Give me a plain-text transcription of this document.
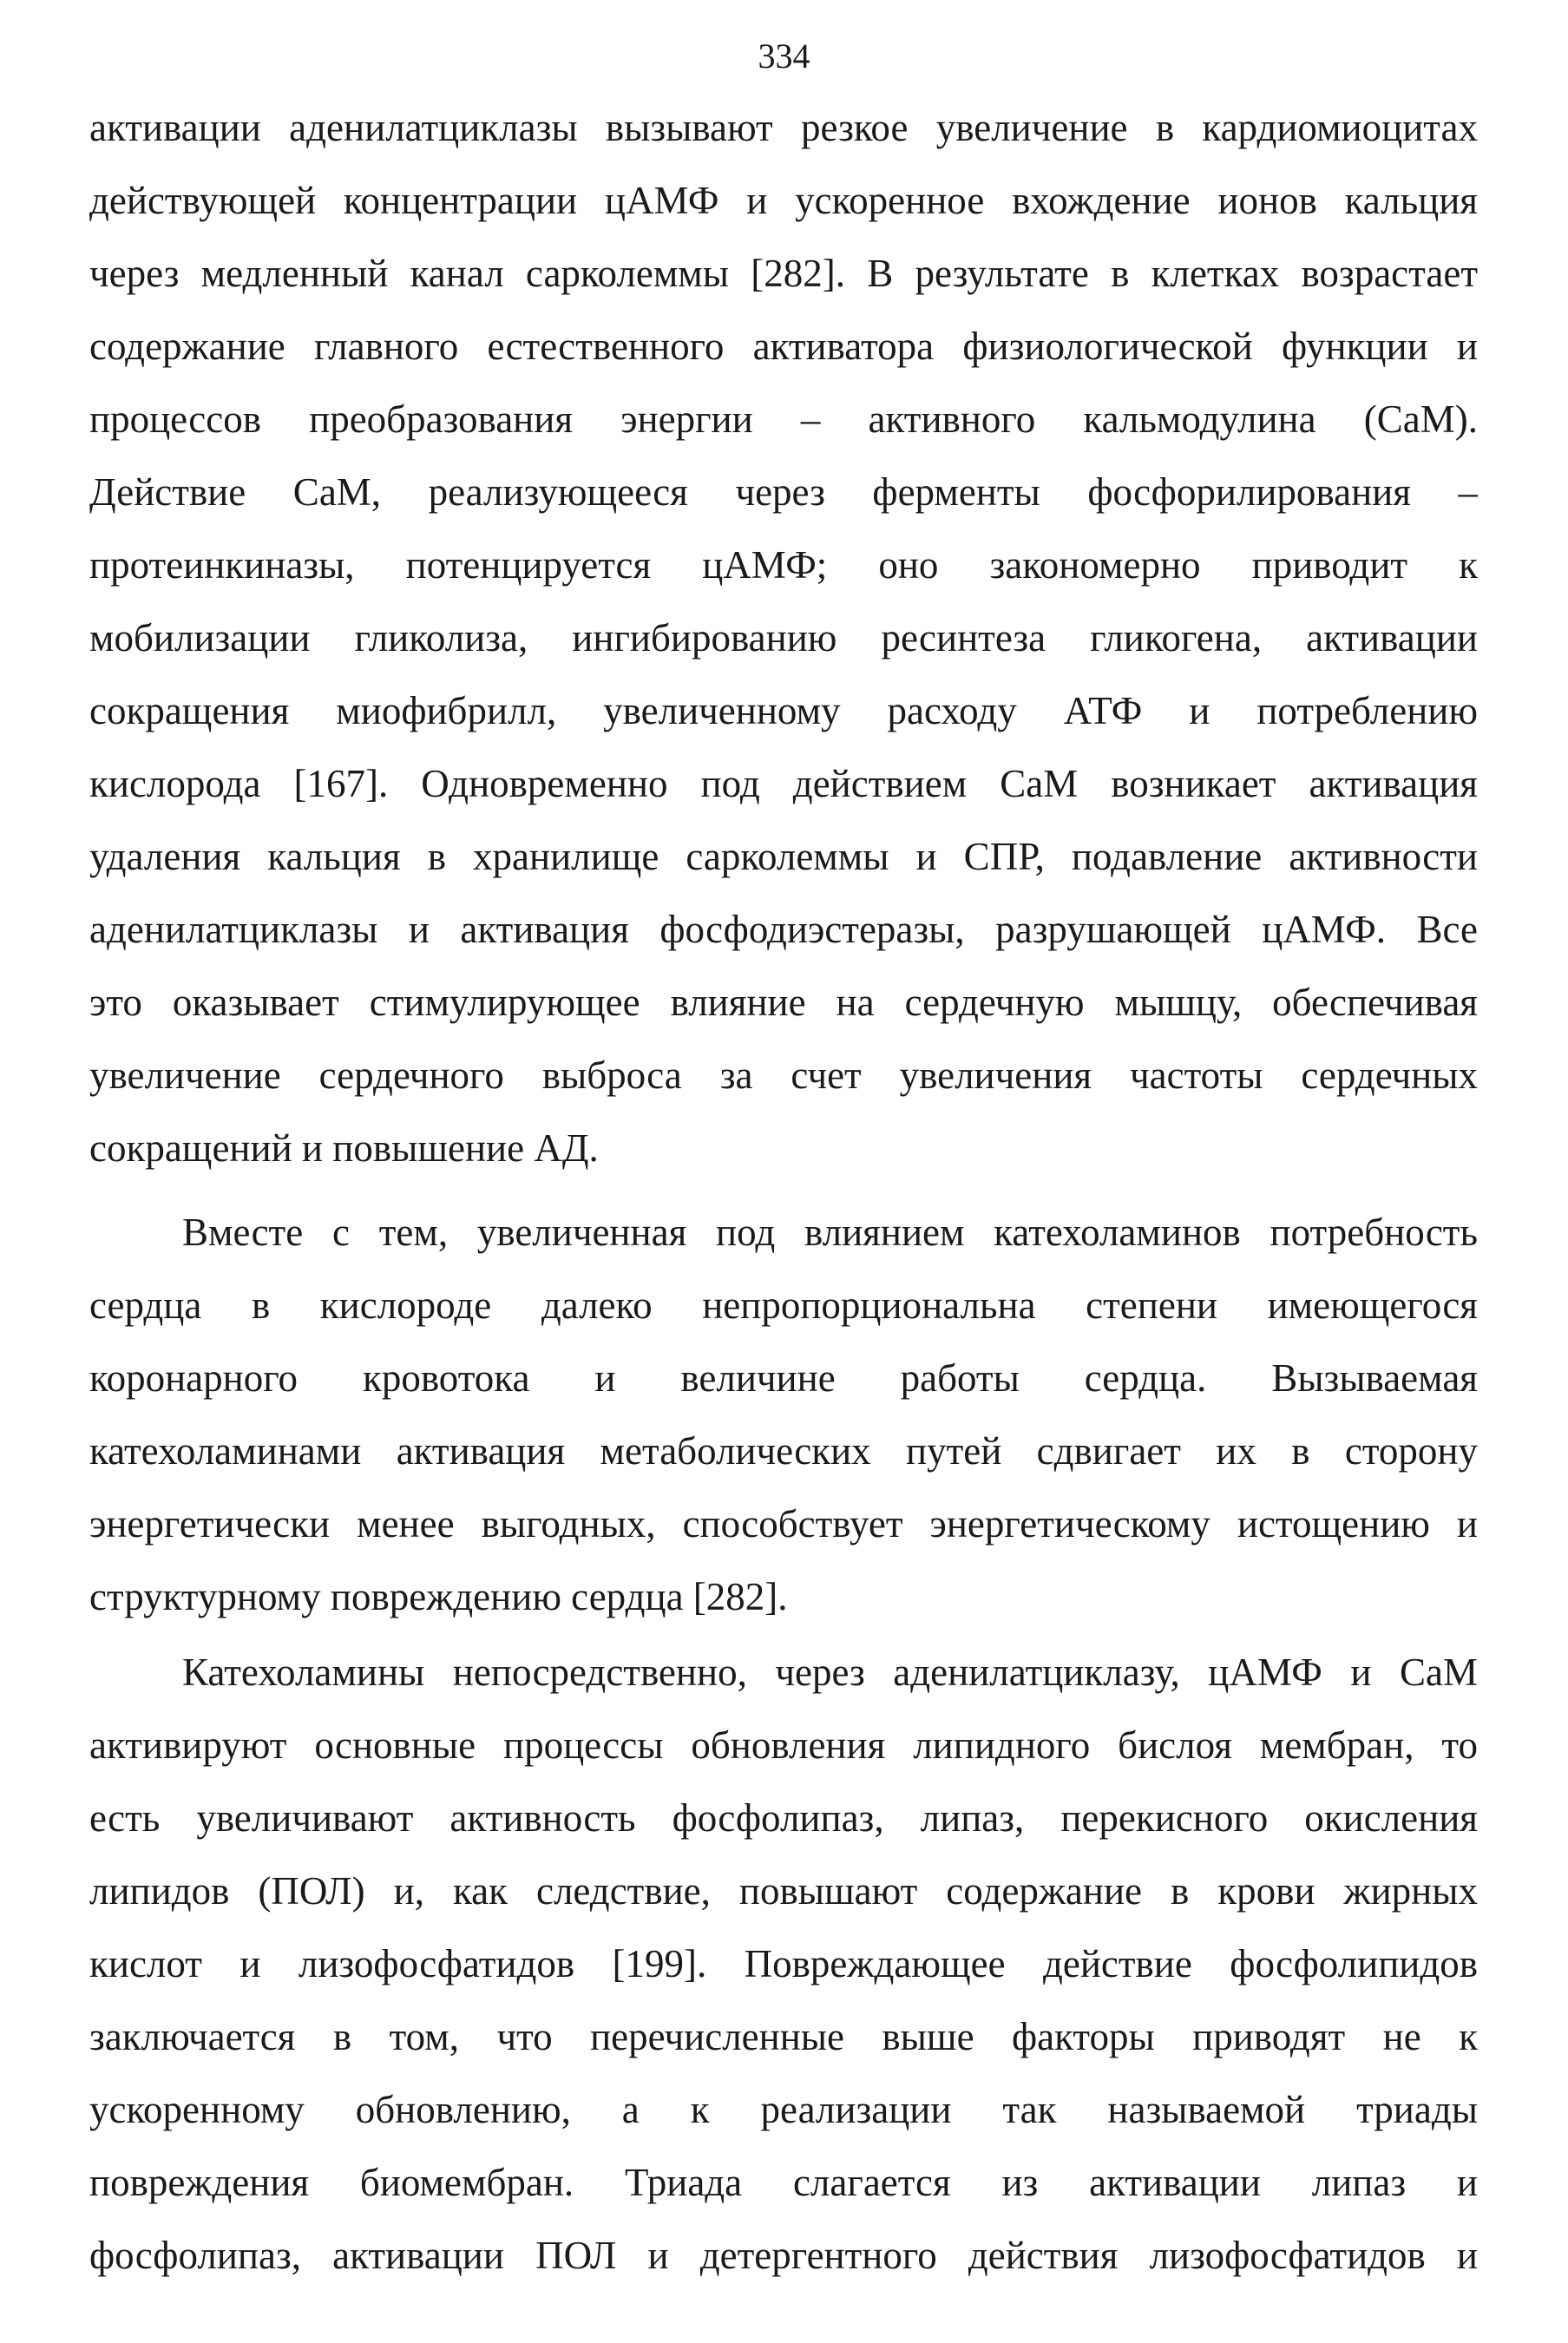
334
активации аденилатциклазы вызывают резкое увеличение в кардиомиоцитах
действующей концентрации цАМФ и ускоренное вхождение ионов кальция
через медленный канал сарколеммы [282]. В результате в клетках возрастает
содержание главного естественного активатора физиологической функции и
процессов преобразования энергии – активного кальмодулина (CaM).
Действие CaM, реализующееся через ферменты фосфорилирования –
протеинкиназы, потенцируется цАМФ; оно закономерно приводит к
мобилизации гликолиза, ингибированию ресинтеза гликогена, активации
сокращения миофибрилл, увеличенному расходу АТФ и потреблению
кислорода [167]. Одновременно под действием CaM возникает активация
удаления кальция в хранилище сарколеммы и СПР, подавление активности
аденилатциклазы и активация фосфодиэстеразы, разрушающей цАМФ. Все
это оказывает стимулирующее влияние на сердечную мышцу, обеспечивая
увеличение сердечного выброса за счет увеличения частоты сердечных
сокращений и повышение АД.
Вместе с тем, увеличенная под влиянием катехоламинов потребность
сердца в кислороде далеко непропорциональна степени имеющегося
коронарного кровотока и величине работы сердца. Вызываемая
катехоламинами активация метаболических путей сдвигает их в сторону
энергетически менее выгодных, способствует энергетическому истощению и
структурному повреждению сердца [282].
Катехоламины непосредственно, через аденилатциклазу, цАМФ и CaM
активируют основные процессы обновления липидного бислоя мембран, то
есть увеличивают активность фосфолипаз, липаз, перекисного окисления
липидов (ПОЛ) и, как следствие, повышают содержание в крови жирных
кислот и лизофосфатидов [199]. Повреждающее действие фосфолипидов
заключается в том, что перечисленные выше факторы приводят не к
ускоренному обновлению, а к реализации так называемой триады
повреждения биомембран. Триада слагается из активации липаз и
фосфолипаз, активации ПОЛ и детергентного действия лизофосфатидов и
